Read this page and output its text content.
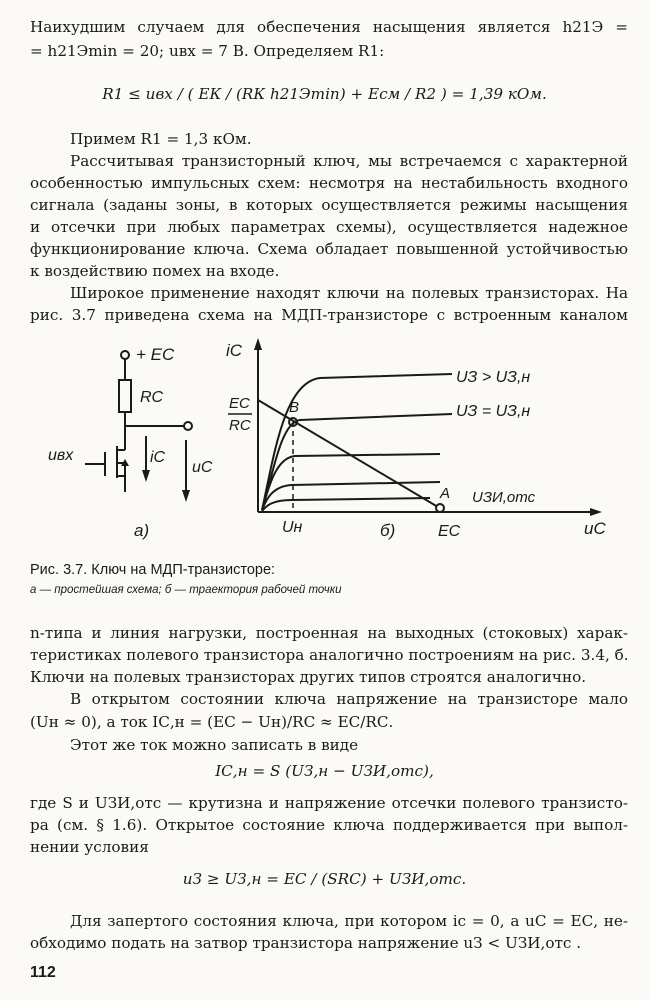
Наихудшим случаем для обеспечения насыщения является h21Э =
= h21Эmin = 20; uвх = 7 В. Определяем R1:
R1 ≤ uвх / ( EК / (RК h21Эmin) + Eсм / R2 ) = 1,39 кОм.
Примем R1 = 1,3 кОм.
Рассчитывая транзисторный ключ, мы встречаемся с характерной
особенностью импульсных схем: несмотря на нестабильность входного
сигнала (заданы зоны, в которых осуществляется режимы насыщения
и отсечки при любых параметрах схемы), осуществляется надежное
функционирование ключа. Схема обладает повышенной устойчивостью
к воздействию помех на входе.
Широкое применение находят ключи на полевых транзисторах. На
рис. 3.7 приведена схема на МДП-транзисторе с встроенным каналом
+ EС
RС
uвх	iС
uС
а)
iС
EС
RС
B
UЗ > UЗ,н
UЗ = UЗ,н
A UЗИ,отс
Uн	б)	EС	uС
Рис. 3.7. Ключ на МДП-транзисторе:
а — простейшая схема; б — траектория рабочей точки
n-типа и линия нагрузки, построенная на выходных (стоковых) харак-
теристиках полевого транзистора аналогично построениям на рис. 3.4, б.
Ключи на полевых транзисторах других типов строятся аналогично.
В открытом состоянии ключа напряжение на транзисторе мало
(Uн ≈ 0), а ток IС,н = (EС − Uн)/RС ≈ EС/RС.
Этот же ток можно записать в виде
IС,н = S (UЗ,н − UЗИ,отс),
где S и UЗИ,отс — крутизна и напряжение отсечки полевого транзисто-
ра (см. § 1.6). Открытое состояние ключа поддерживается при выпол-
нении условия
uЗ ≥ UЗ,н = EС / (SRС) + UЗИ,отс.
Для запертого состояния ключа, при котором iс = 0, а uС = EС, не-
обходимо подать на затвор транзистора напряжение uЗ < UЗИ,отс .
112
